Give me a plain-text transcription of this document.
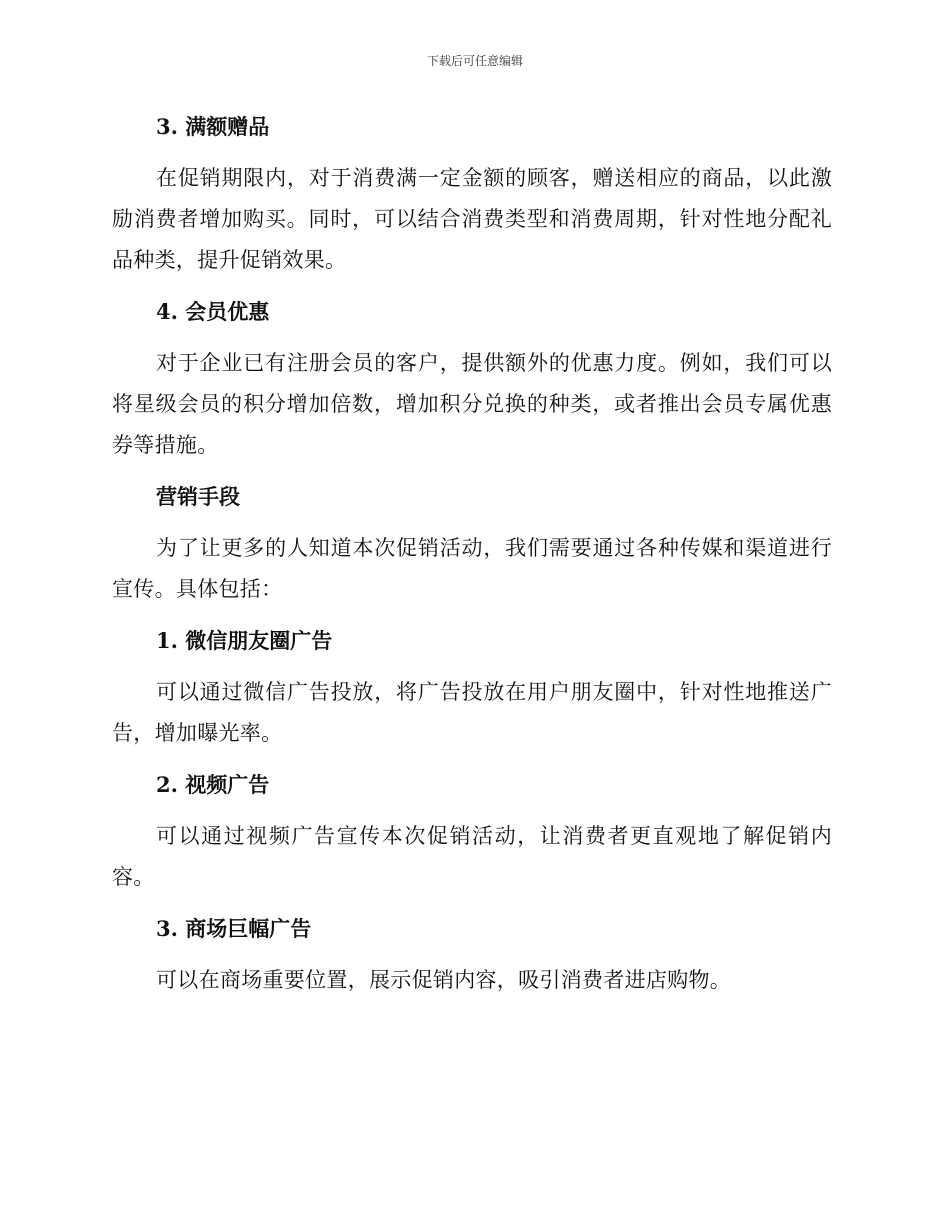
下载后可任意编辑
3. 满额赠品

在促销期限内，对于消费满一定金额的顾客，赠送相应的商品，以此激励消费者增加购买。同时，可以结合消费类型和消费周期，针对性地分配礼品种类，提升促销效果。

4. 会员优惠

对于企业已有注册会员的客户，提供额外的优惠力度。例如，我们可以将星级会员的积分增加倍数，增加积分兑换的种类，或者推出会员专属优惠券等措施。

营销手段

为了让更多的人知道本次促销活动，我们需要通过各种传媒和渠道进行宣传。具体包括：

1. 微信朋友圈广告

可以通过微信广告投放，将广告投放在用户朋友圈中，针对性地推送广告，增加曝光率。

2. 视频广告

可以通过视频广告宣传本次促销活动，让消费者更直观地了解促销内容。

3. 商场巨幅广告

可以在商场重要位置，展示促销内容，吸引消费者进店购物。
